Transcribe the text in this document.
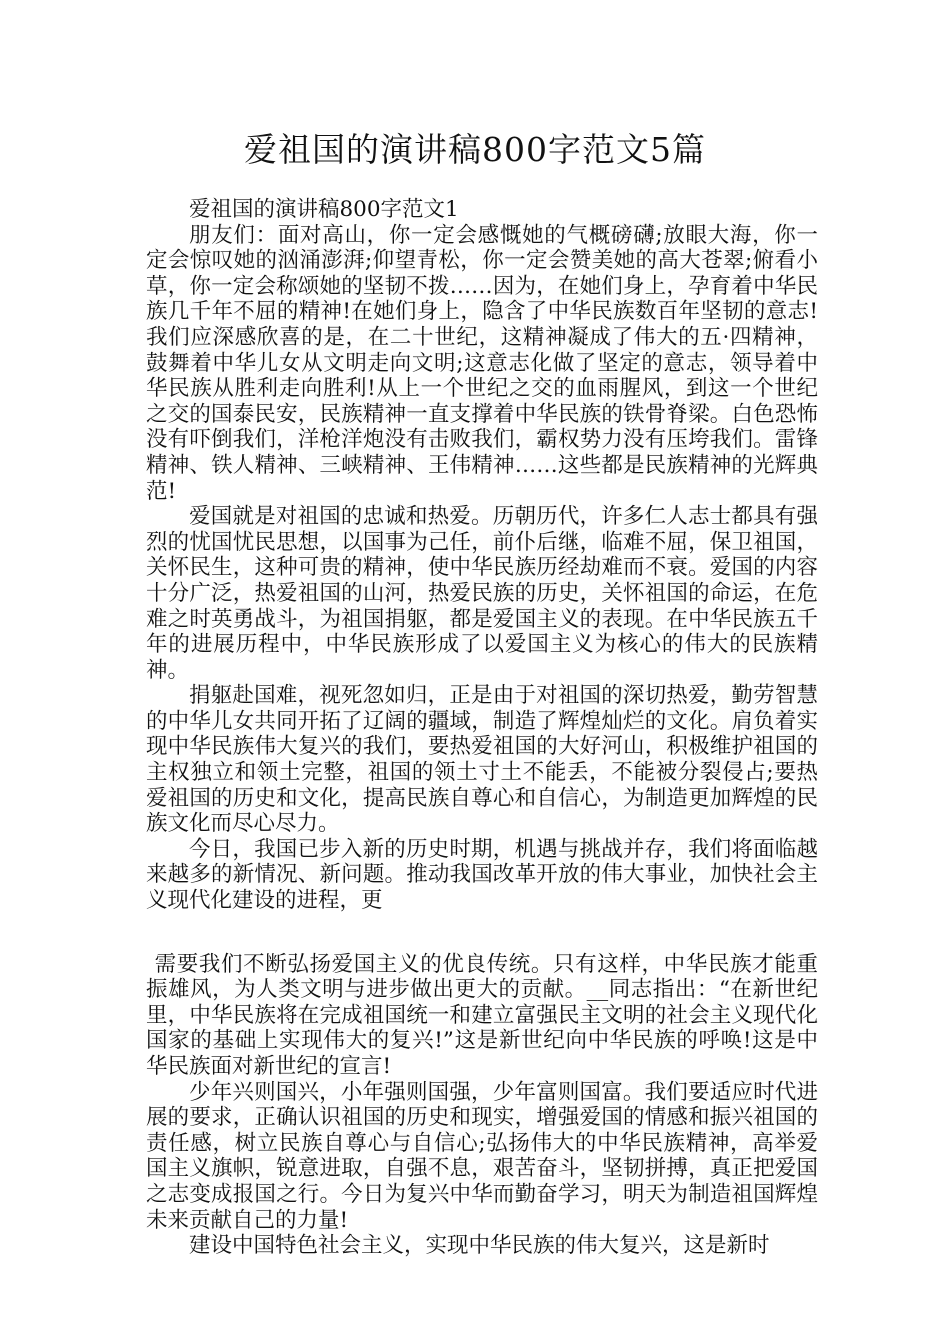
爱祖国的演讲稿800字范文5篇

爱祖国的演讲稿800字范文1

朋友们：面对高山，你一定会感慨她的气概磅礴;放眼大海，你一定会惊叹她的汹涌澎湃;仰望青松，你一定会赞美她的高大苍翠;俯看小草，你一定会称颂她的坚韧不拨……因为，在她们身上，孕育着中华民族几千年不屈的精神!在她们身上，隐含了中华民族数百年坚韧的意志!我们应深感欣喜的是，在二十世纪，这精神凝成了伟大的五·四精神，鼓舞着中华儿女从文明走向文明;这意志化做了坚定的意志，领导着中华民族从胜利走向胜利!从上一个世纪之交的血雨腥风，到这一个世纪之交的国泰民安，民族精神一直支撑着中华民族的铁骨脊梁。白色恐怖没有吓倒我们，洋枪洋炮没有击败我们，霸权势力没有压垮我们。雷锋精神、铁人精神、三峡精神、王伟精神……这些都是民族精神的光辉典范!

爱国就是对祖国的忠诚和热爱。历朝历代，许多仁人志士都具有强烈的忧国忧民思想，以国事为己任，前仆后继，临难不屈，保卫祖国，关怀民生，这种可贵的精神，使中华民族历经劫难而不衰。爱国的内容十分广泛，热爱祖国的山河，热爱民族的历史，关怀祖国的命运，在危难之时英勇战斗，为祖国捐躯，都是爱国主义的表现。在中华民族五千年的进展历程中，中华民族形成了以爱国主义为核心的伟大的民族精神。

捐躯赴国难，视死忽如归，正是由于对祖国的深切热爱，勤劳智慧的中华儿女共同开拓了辽阔的疆域，制造了辉煌灿烂的文化。肩负着实现中华民族伟大复兴的我们，要热爱祖国的大好河山，积极维护祖国的主权独立和领土完整，祖国的领土寸土不能丢，不能被分裂侵占;要热爱祖国的历史和文化，提高民族自尊心和自信心，为制造更加辉煌的民族文化而尽心尽力。

今日，我国已步入新的历史时期，机遇与挑战并存，我们将面临越来越多的新情况、新问题。推动我国改革开放的伟大事业，加快社会主义现代化建设的进程，更

需要我们不断弘扬爱国主义的优良传统。只有这样，中华民族才能重振雄风，为人类文明与进步做出更大的贡献。__同志指出：“在新世纪里，中华民族将在完成祖国统一和建立富强民主文明的社会主义现代化国家的基础上实现伟大的复兴!”这是新世纪向中华民族的呼唤!这是中华民族面对新世纪的宣言!

少年兴则国兴，小年强则国强，少年富则国富。我们要适应时代进展的要求，正确认识祖国的历史和现实，增强爱国的情感和振兴祖国的责任感，树立民族自尊心与自信心;弘扬伟大的中华民族精神，高举爱国主义旗帜，锐意进取，自强不息，艰苦奋斗，坚韧拼搏，真正把爱国之志变成报国之行。今日为复兴中华而勤奋学习，明天为制造祖国辉煌未来贡献自己的力量!

建设中国特色社会主义，实现中华民族的伟大复兴，这是新时
